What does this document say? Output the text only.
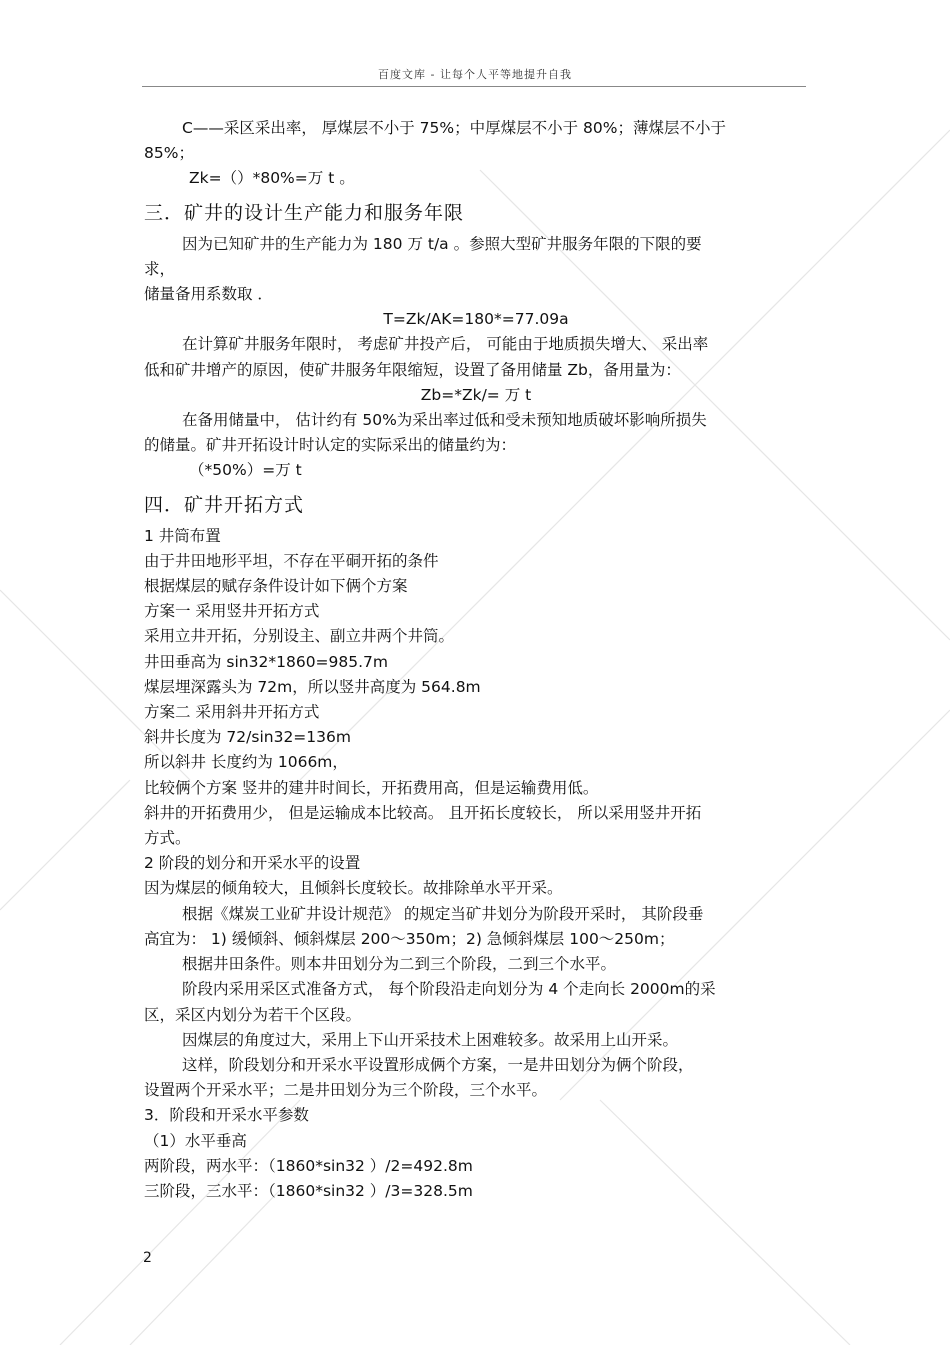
百度文库 - 让每个人平等地提升自我
C——采区采出率， 厚煤层不小于 75%；中厚煤层不小于 80%；薄煤层不小于
85%；
Zk=（）*80%=万 t 。
三．矿井的设计生产能力和服务年限
因为已知矿井的生产能力为 180 万 t/a 。参照大型矿井服务年限的下限的要
求，
储量备用系数取 ．
T=Zk/AK=180*=77.09a
在计算矿井服务年限时， 考虑矿井投产后， 可能由于地质损失增大、 采出率
低和矿井增产的原因，使矿井服务年限缩短，设置了备用储量 Zb，备用量为：
Zb=*Zk/= 万 t
在备用储量中， 估计约有 50%为采出率过低和受未预知地质破坏影响所损失
的储量。矿井开拓设计时认定的实际采出的储量约为：
（*50%）=万 t
四．矿井开拓方式
1 井筒布置
由于井田地形平坦，不存在平硐开拓的条件
根据煤层的赋存条件设计如下俩个方案
方案一 采用竖井开拓方式
采用立井开拓，分别设主、副立井两个井筒。
井田垂高为 sin32*1860=985.7m
煤层埋深露头为 72m，所以竖井高度为 564.8m
方案二 采用斜井开拓方式
斜井长度为 72/sin32=136m
所以斜井 长度约为 1066m，
比较俩个方案 竖井的建井时间长，开拓费用高，但是运输费用低。
斜井的开拓费用少， 但是运输成本比较高。 且开拓长度较长， 所以采用竖井开拓
方式。
2 阶段的划分和开采水平的设置
因为煤层的倾角较大，且倾斜长度较长。故排除单水平开采。
根据《煤炭工业矿井设计规范》 的规定当矿井划分为阶段开采时， 其阶段垂
高宜为： 1) 缓倾斜、倾斜煤层 200～350m；2) 急倾斜煤层 100～250m；
根据井田条件。则本井田划分为二到三个阶段，二到三个水平。
阶段内采用采区式准备方式， 每个阶段沿走向划分为 4 个走向长 2000m的采
区，采区内划分为若干个区段。
因煤层的角度过大，采用上下山开采技术上困难较多。故采用上山开采。
这样，阶段划分和开采水平设置形成俩个方案，一是井田划分为俩个阶段，
设置两个开采水平；二是井田划分为三个阶段，三个水平。
3．阶段和开采水平参数
（1）水平垂高
两阶段，两水平：（1860*sin32 ）/2=492.8m
三阶段，三水平：（1860*sin32 ）/3=328.5m
2
